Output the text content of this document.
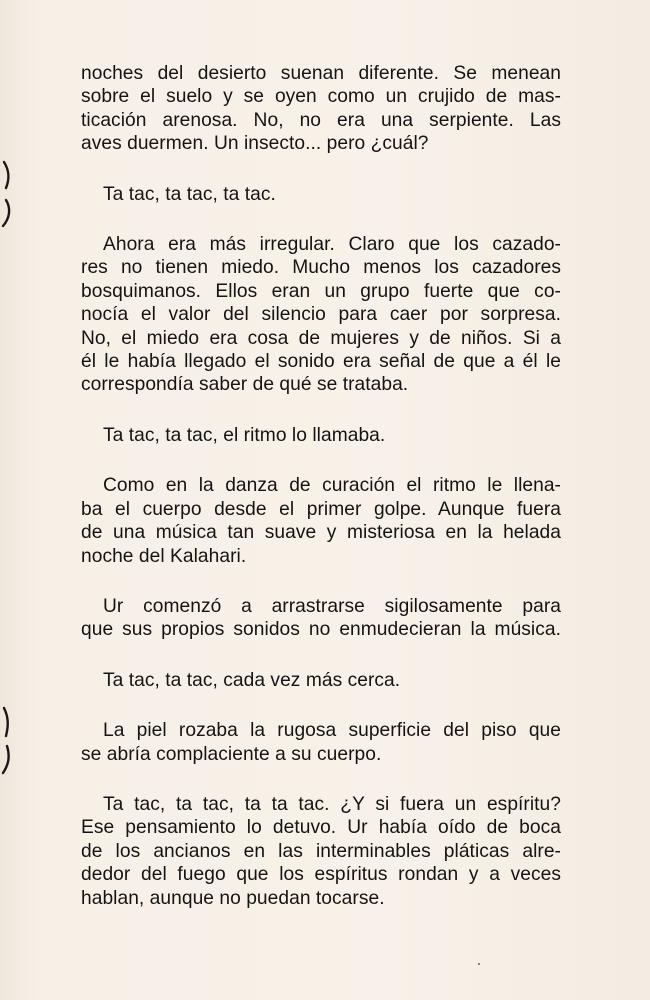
noches del desierto suenan diferente. Se menean
sobre el suelo y se oyen como un crujido de mas-
ticación arenosa. No, no era una serpiente. Las
aves duermen. Un insecto... pero ¿cuál?

Ta tac, ta tac, ta tac.

Ahora era más irregular. Claro que los cazado-
res no tienen miedo. Mucho menos los cazadores
bosquimanos. Ellos eran un grupo fuerte que co-
nocía el valor del silencio para caer por sorpresa.
No, el miedo era cosa de mujeres y de niños. Si a
él le había llegado el sonido era señal de que a él le
correspondía saber de qué se trataba.

Ta tac, ta tac, el ritmo lo llamaba.

Como en la danza de curación el ritmo le llena-
ba el cuerpo desde el primer golpe. Aunque fuera
de una música tan suave y misteriosa en la helada
noche del Kalahari.

Ur comenzó a arrastrarse sigilosamente para
que sus propios sonidos no enmudecieran la música.

Ta tac, ta tac, cada vez más cerca.

La piel rozaba la rugosa superficie del piso que
se abría complaciente a su cuerpo.

Ta tac, ta tac, ta ta tac. ¿Y si fuera un espíritu?
Ese pensamiento lo detuvo. Ur había oído de boca
de los ancianos en las interminables pláticas alre-
dedor del fuego que los espíritus rondan y a veces
hablan, aunque no puedan tocarse.
